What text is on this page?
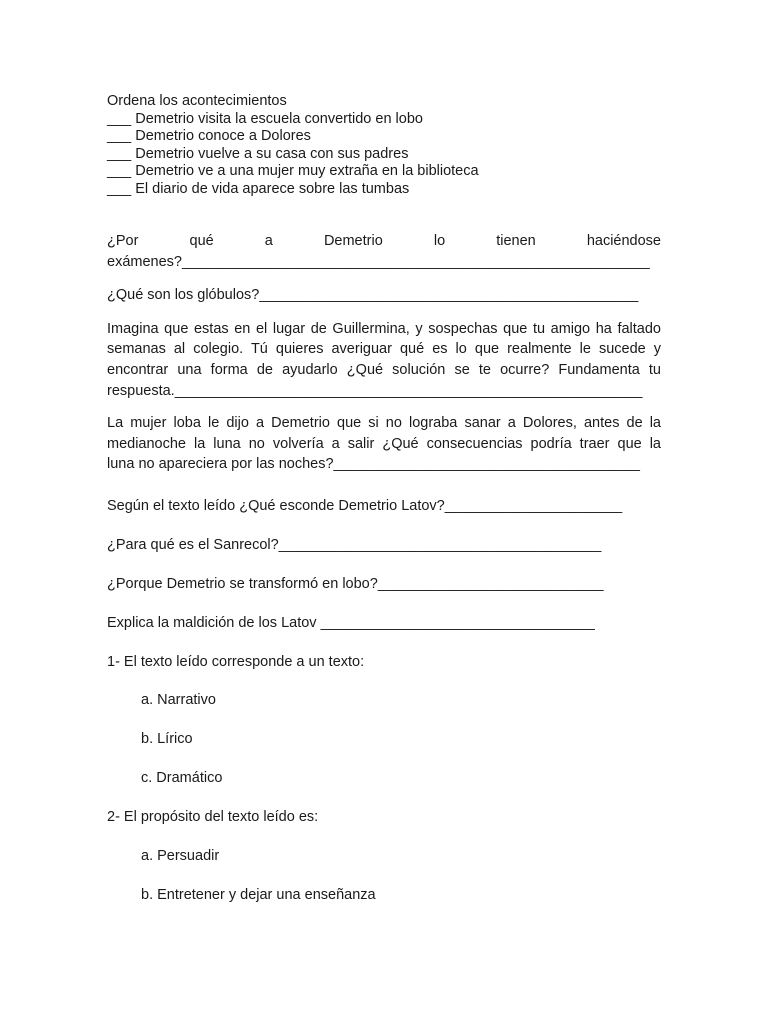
Ordena los acontecimientos
___ Demetrio visita la escuela convertido en lobo
___ Demetrio conoce a Dolores
___ Demetrio vuelve a su casa con sus padres
___ Demetrio ve a una mujer muy extraña en la biblioteca
___ El diario de vida aparece sobre las tumbas
¿Por qué a Demetrio lo tienen haciéndose
exámenes?__________________________________________________________
¿Qué son los glóbulos?_______________________________________________
Imagina que estas en el lugar de Guillermina, y sospechas que tu amigo ha faltado
semanas al colegio. Tú quieres averiguar qué es lo que realmente le sucede y
encontrar una forma de ayudarlo ¿Qué solución se te ocurre? Fundamenta tu
respuesta.__________________________________________________________
La mujer loba le dijo a Demetrio que si no lograba sanar a Dolores, antes de la
medianoche la luna no volvería a salir ¿Qué consecuencias podría traer que la
luna no apareciera por las noches?______________________________________
Según el texto leído ¿Qué esconde Demetrio Latov?______________________
¿Para qué es el Sanrecol?________________________________________
¿Porque Demetrio se transformó en lobo?____________________________
Explica la maldición de los Latov __________________________________
1- El texto leído corresponde a un texto:
a. Narrativo
b. Lírico
c. Dramático
2- El propósito del texto leído es:
a. Persuadir
b. Entretener y dejar una enseñanza
